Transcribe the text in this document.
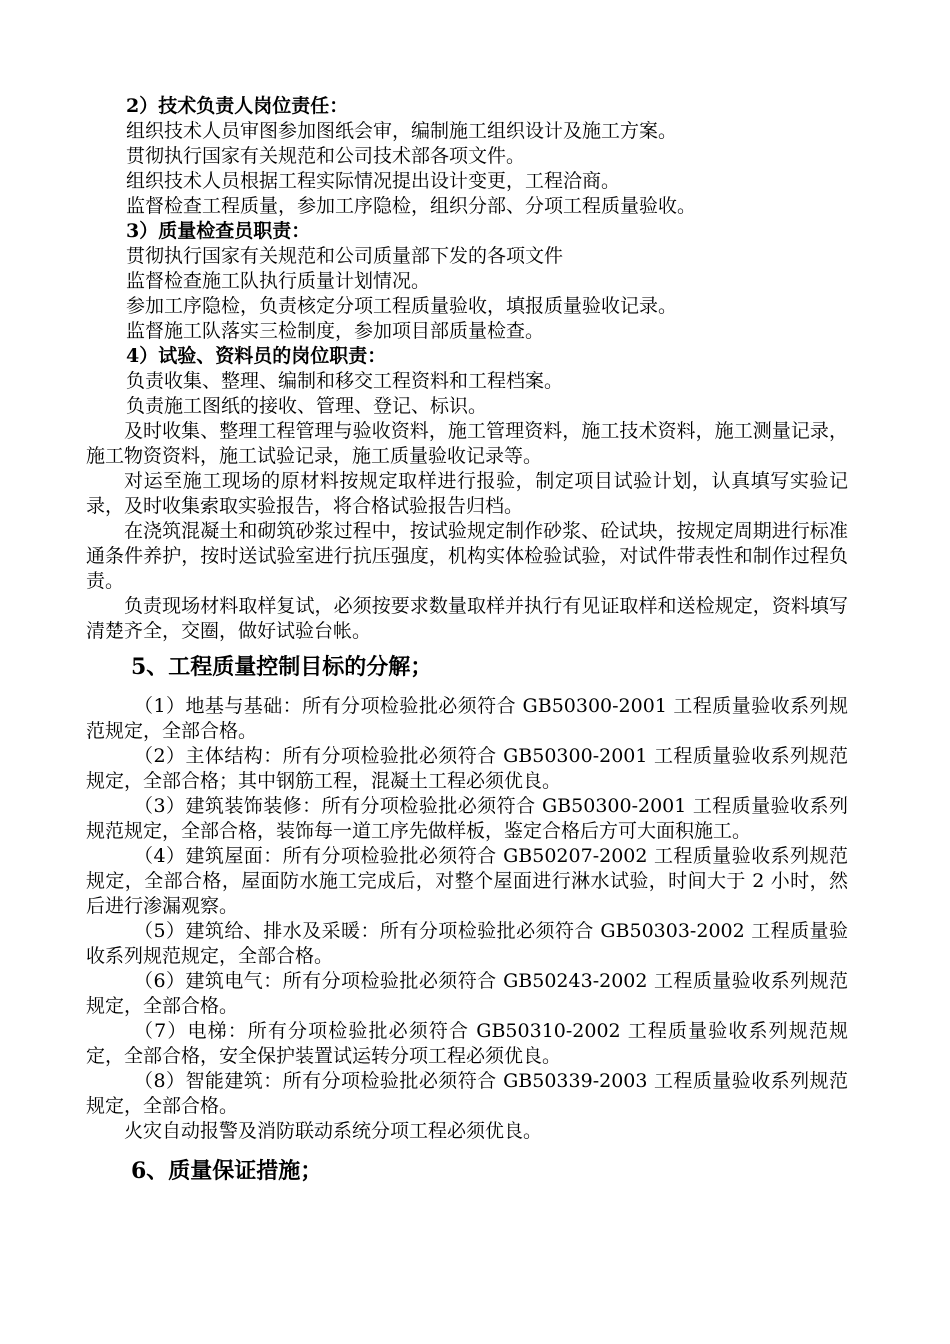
2）技术负责人岗位责任：

组织技术人员审图参加图纸会审，编制施工组织设计及施工方案。

贯彻执行国家有关规范和公司技术部各项文件。

组织技术人员根据工程实际情况提出设计变更，工程洽商。

监督检查工程质量，参加工序隐检，组织分部、分项工程质量验收。

3）质量检查员职责：

贯彻执行国家有关规范和公司质量部下发的各项文件

监督检查施工队执行质量计划情况。

参加工序隐检，负责核定分项工程质量验收，填报质量验收记录。

监督施工队落实三检制度，参加项目部质量检查。

4）试验、资料员的岗位职责：

负责收集、整理、编制和移交工程资料和工程档案。

负责施工图纸的接收、管理、登记、标识。

及时收集、整理工程管理与验收资料，施工管理资料，施工技术资料，施工测量记录，施工物资资料，施工试验记录，施工质量验收记录等。

对运至施工现场的原材料按规定取样进行报验，制定项目试验计划，认真填写实验记录，及时收集索取实验报告，将合格试验报告归档。

在浇筑混凝土和砌筑砂浆过程中，按试验规定制作砂浆、砼试块，按规定周期进行标准通条件养护，按时送试验室进行抗压强度，机构实体检验试验，对试件带表性和制作过程负责。

负责现场材料取样复试，必须按要求数量取样并执行有见证取样和送检规定，资料填写清楚齐全，交圈，做好试验台帐。

5、工程质量控制目标的分解；

（1）地基与基础：所有分项检验批必须符合 GB50300-2001 工程质量验收系列规范规定，全部合格。

（2）主体结构：所有分项检验批必须符合 GB50300-2001 工程质量验收系列规范规定，全部合格；其中钢筋工程，混凝土工程必须优良。

（3）建筑装饰装修：所有分项检验批必须符合 GB50300-2001 工程质量验收系列规范规定，全部合格，装饰每一道工序先做样板，鉴定合格后方可大面积施工。

（4）建筑屋面：所有分项检验批必须符合 GB50207-2002 工程质量验收系列规范规定，全部合格，屋面防水施工完成后，对整个屋面进行淋水试验，时间大于 2 小时，然后进行渗漏观察。

（5）建筑给、排水及采暖：所有分项检验批必须符合 GB50303-2002 工程质量验收系列规范规定，全部合格。

（6）建筑电气：所有分项检验批必须符合 GB50243-2002 工程质量验收系列规范规定，全部合格。

（7）电梯：所有分项检验批必须符合 GB50310-2002 工程质量验收系列规范规定，全部合格，安全保护装置试运转分项工程必须优良。

（8）智能建筑：所有分项检验批必须符合 GB50339-2003 工程质量验收系列规范规定，全部合格。

火灾自动报警及消防联动系统分项工程必须优良。

6、质量保证措施；
